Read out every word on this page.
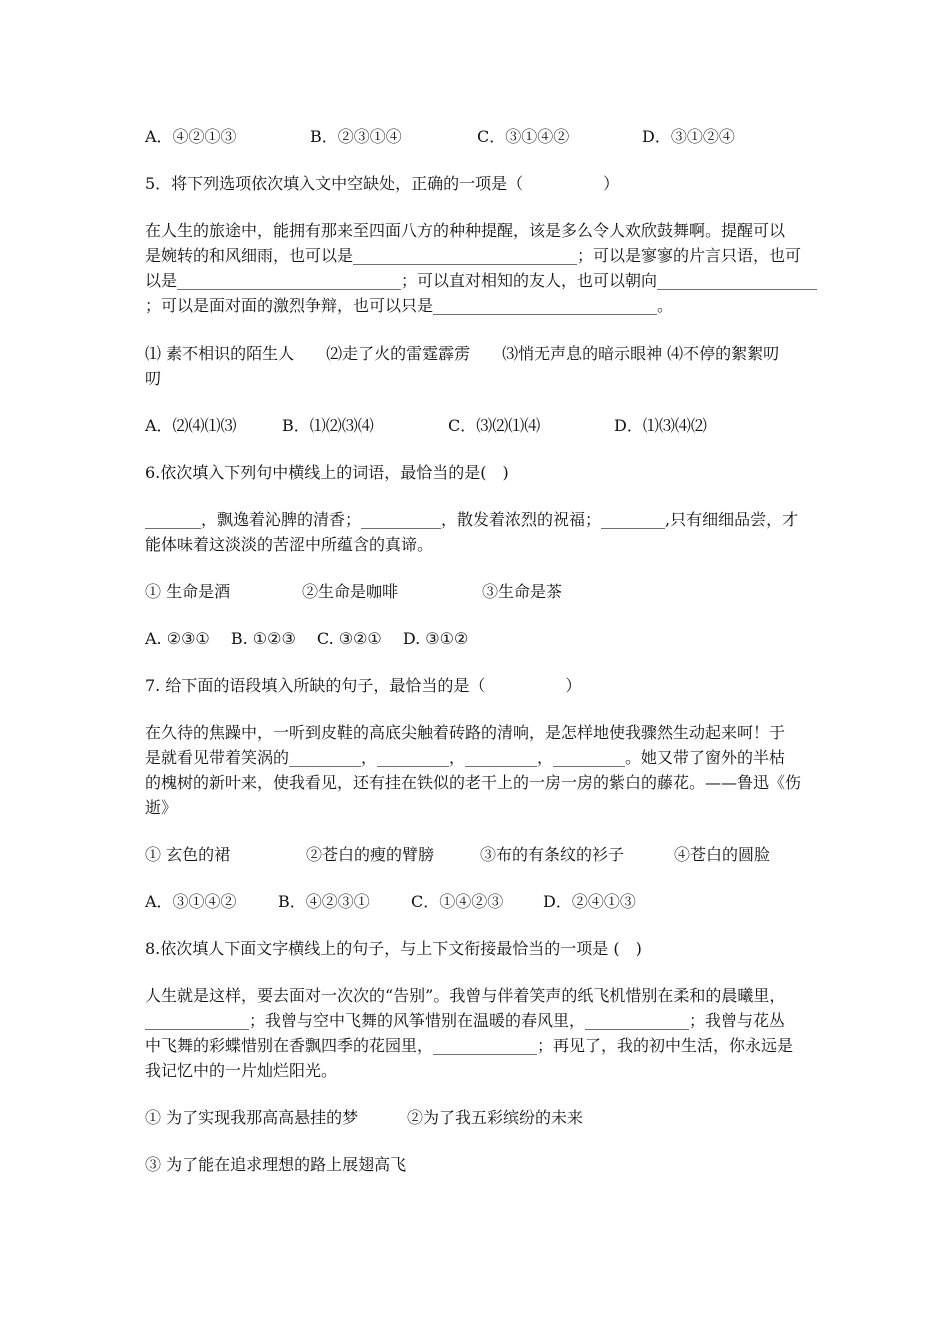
A．④②①③	B．②③①④	C．③①④②	D．③①②④
5．将下列选项依次填入文中空缺处，正确的一项是（　　　　　）
在人生的旅途中，能拥有那来至四面八方的种种提醒，该是多么令人欢欣鼓舞啊。提醒可以
是婉转的和风细雨，也可以是____________________________；可以是寥寥的片言只语，也可
以是____________________________；可以直对相知的友人，也可以朝向____________________
；可以是面对面的激烈争辩，也可以只是____________________________。
⑴ 素不相识的陌生人　　⑵走了火的雷霆霹雳　　⑶悄无声息的暗示眼神 ⑷不停的絮絮叨
叨
A．⑵⑷⑴⑶	B．⑴⑵⑶⑷	C．⑶⑵⑴⑷	D．⑴⑶⑷⑵
6.依次填入下列句中横线上的词语，最恰当的是(　)
_______，飘逸着沁脾的清香；__________，散发着浓烈的祝福；________,只有细细品尝，才
能体味着这淡淡的苦涩中所蕴含的真谛。
① 生命是酒	②生命是咖啡	③生命是茶
A. ②③①　 B. ①②③　 C. ③②①　 D. ③①②
7. 给下面的语段填入所缺的句子，最恰当的是（　　　　　）
在久待的焦躁中，一听到皮鞋的高底尖触着砖路的清响，是怎样地使我骤然生动起来呵！于
是就看见带着笑涡的_________，_________，_________，_________。她又带了窗外的半枯
的槐树的新叶来，使我看见，还有挂在铁似的老干上的一房一房的紫白的藤花。——鲁迅《伤
逝》
① 玄色的裙	②苍白的瘦的臂膀	③布的有条纹的衫子	④苍白的圆脸
A．③①④②	B．④②③①	C．①④②③ D．②④①③
8.依次填人下面文字横线上的句子，与上下文衔接最恰当的一项是 (　)
人生就是这样，要去面对一次次的“告别”。我曾与伴着笑声的纸飞机惜别在柔和的晨曦里，
_____________；我曾与空中飞舞的风筝惜别在温暖的春风里，_____________；我曾与花丛
中飞舞的彩蝶惜别在香飘四季的花园里，_____________；再见了，我的初中生活，你永远是
我记忆中的一片灿烂阳光。
① 为了实现我那高高悬挂的梦	②为了我五彩缤纷的未来
③ 为了能在追求理想的路上展翅高飞
